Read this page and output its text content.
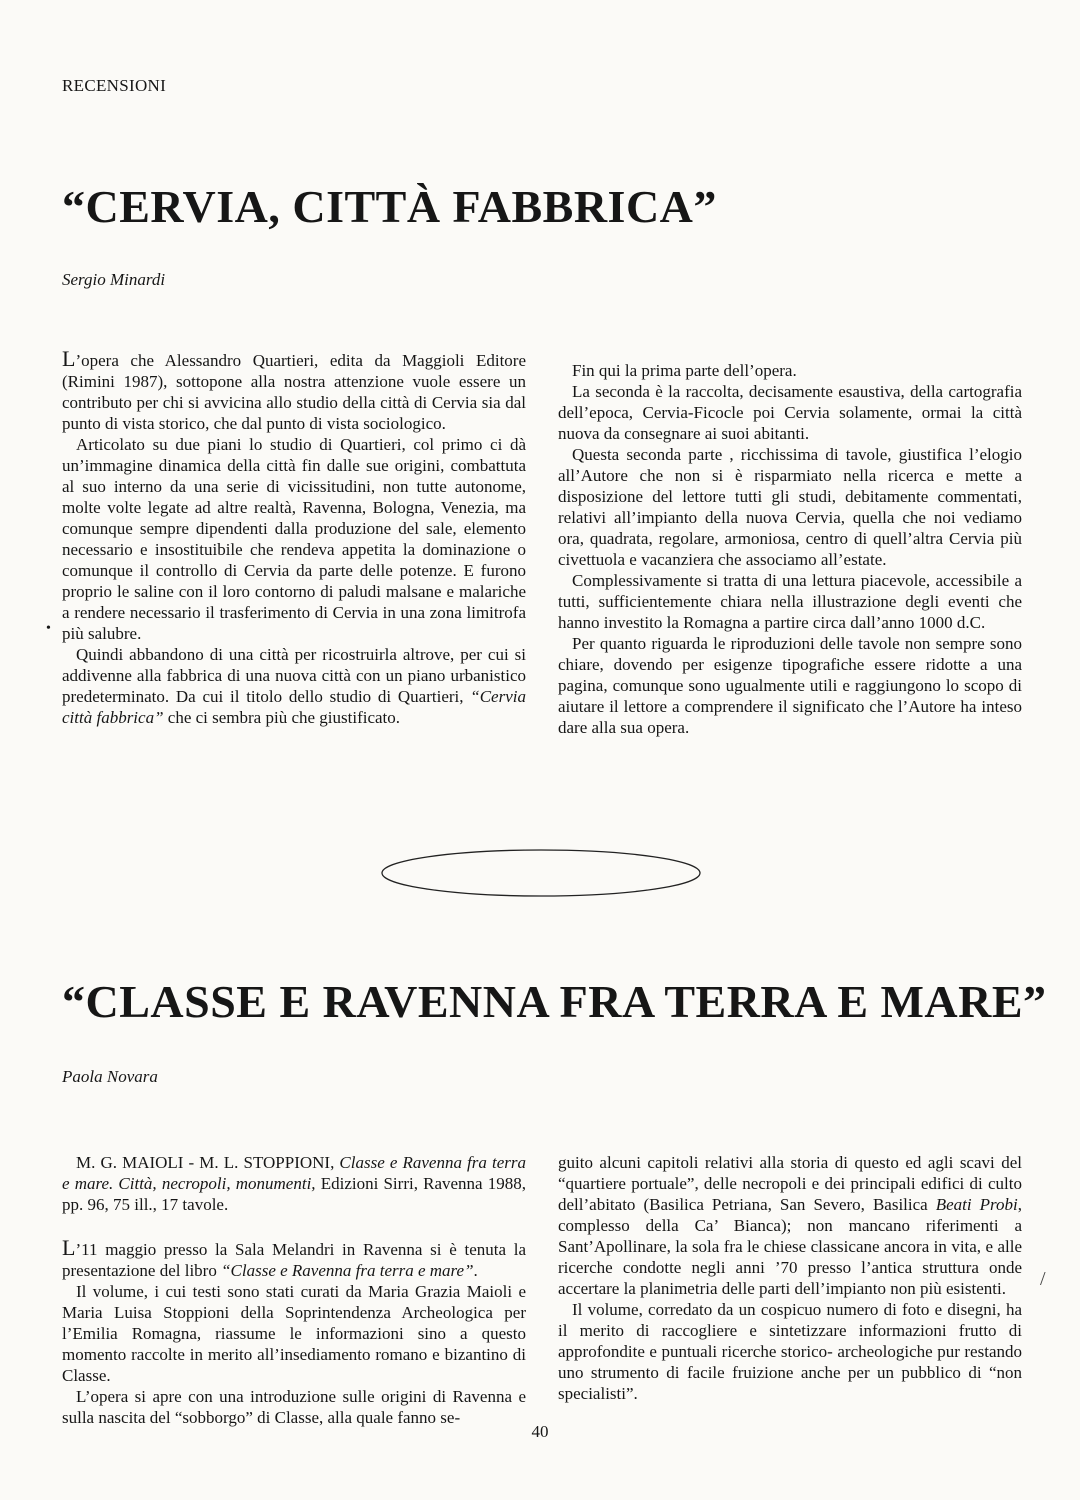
RECENSIONI
“CERVIA, CITTÀ FABBRICA”
Sergio Minardi

L’opera che Alessandro Quartieri, edita da Maggioli Editore (Rimini 1987), sottopone alla nostra attenzione vuole essere un contributo per chi si avvicina allo studio della città di Cervia sia dal punto di vista storico, che dal punto di vista sociologico.

Articolato su due piani lo studio di Quartieri, col primo ci dà un’immagine dinamica della città fin dalle sue origini, combattuta al suo interno da una serie di vicissitudini, non tutte autonome, molte volte legate ad altre realtà, Ravenna, Bologna, Venezia, ma comunque sempre dipendenti dalla produzione del sale, elemento necessario e insostituibile che rendeva appetita la dominazione o comunque il controllo di Cervia da parte delle potenze. E furono proprio le saline con il loro contorno di paludi malsane e malariche a rendere necessario il trasferimento di Cervia in una zona limitrofa più salubre.

Quindi abbandono di una città per ricostruirla altrove, per cui si addivenne alla fabbrica di una nuova città con un piano urbanistico predeterminato. Da cui il titolo dello studio di Quartieri, “Cervia città fabbrica” che ci sembra più che giustificato.

Fin qui la prima parte dell’opera.

La seconda è la raccolta, decisamente esaustiva, della cartografia dell’epoca, Cervia-Ficocle poi Cervia solamente, ormai la città nuova da consegnare ai suoi abitanti.

Questa seconda parte , ricchissima di tavole, giustifica l’elogio all’Autore che non si è risparmiato nella ricerca e mette a disposizione del lettore tutti gli studi, debitamente commentati, relativi all’impianto della nuova Cervia, quella che noi vediamo ora, quadrata, regolare, armoniosa, centro di quell’altra Cervia più civettuola e vacanziera che associamo all’estate.

Complessivamente si tratta di una lettura piacevole, accessibile a tutti, sufficientemente chiara nella illustrazione degli eventi che hanno investito la Romagna a partire circa dall’anno 1000 d.C.

Per quanto riguarda le riproduzioni delle tavole non sempre sono chiare, dovendo per esigenze tipografiche essere ridotte a una pagina, comunque sono ugualmente utili e raggiungono lo scopo di aiutare il lettore a comprendere il significato che l’Autore ha inteso dare alla sua opera.

•
“CLASSE E RAVENNA FRA TERRA E MARE”
Paola Novara

M. G. MAIOLI - M. L. STOPPIONI, Classe e Ravenna fra terra e mare. Città, necropoli, monumenti, Edizioni Sirri, Ravenna 1988, pp. 96, 75 ill., 17 tavole.

L’11 maggio presso la Sala Melandri in Ravenna si è tenuta la presentazione del libro “Classe e Ravenna fra terra e mare”.

Il volume, i cui testi sono stati curati da Maria Grazia Maioli e Maria Luisa Stoppioni della Soprintendenza Archeologica per l’Emilia Romagna, riassume le informazioni sino a questo momento raccolte in merito all’insediamento romano e bizantino di Classe.

L’opera si apre con una introduzione sulle origini di Ravenna e sulla nascita del “sobborgo” di Classe, alla quale fanno se-

guito alcuni capitoli relativi alla storia di questo ed agli scavi del “quartiere portuale”, delle necropoli e dei principali edifici di culto dell’abitato (Basilica Petriana, San Severo, Basilica Beati Probi, complesso della Ca’ Bianca); non mancano riferimenti a Sant’Apollinare, la sola fra le chiese classicane ancora in vita, e alle ricerche condotte negli anni ’70 presso l’antica struttura onde accertare la planimetria delle parti dell’impianto non più esistenti.

Il volume, corredato da un cospicuo numero di foto e disegni, ha il merito di raccogliere e sintetizzare informazioni frutto di approfondite e puntuali ricerche storico- archeologiche pur restando uno strumento di facile fruizione anche per un pubblico di “non specialisti”.

/
40
